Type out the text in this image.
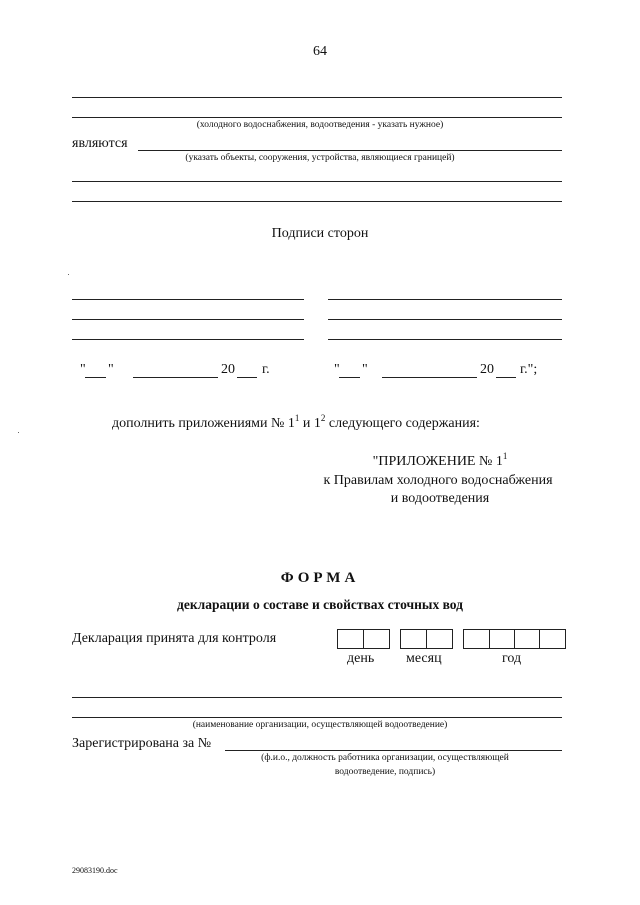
64
(холодного водоснабжения, водоотведения - указать нужное)
являются
(указать объекты, сооружения, устройства, являющиеся границей)
Подписи сторон
" "	20 г.	" "	20 г.";
дополнить приложениями № $1^1$ и $1^2$ следующего содержания:
"ПРИЛОЖЕНИЕ № $1^1$
к Правилам холодного водоснабжения
и водоотведения
ФОРМА
декларации о составе и свойствах сточных вод
Декларация принята для контроля
день месяц	год
(наименование организации, осуществляющей водоотведение)
Зарегистрирована за №
(ф.и.о., должность работника организации, осуществляющей
водоотведение, подпись)
29083190.doc
